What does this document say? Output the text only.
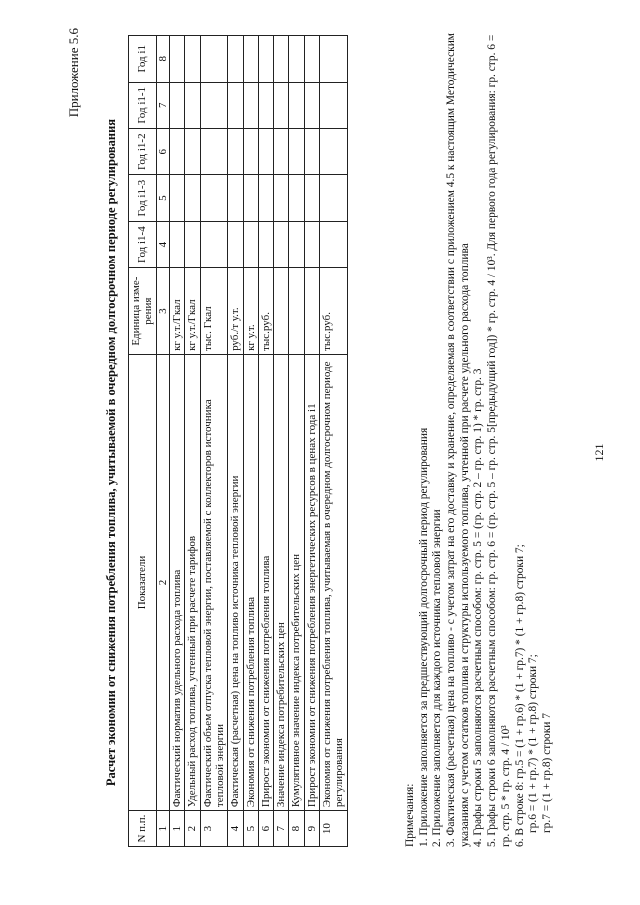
Приложение 5.6
Расчет экономии от снижения потребления топлива, учитываемой в очередном долгосрочном периоде регулирования
N п.п.	Показатели	Единица изме-рения	Год i1-4	Год i1-3	Год i1-2	Год i1-1	Год i1
1	2	3	4	5	6	7	8
1	Фактический норматив удельного расхода топлива	кг у.т./Гкал					
2	Удельный расход топлива, учтенный при расчете тарифов	кг у.т./Гкал					
3	Фактический объем отпуска тепловой энергии, поставляемой с коллекторов источника тепловой энергии	тыс. Гкал					
4	Фактическая (расчетная) цена на топливо источника тепловой энергии	руб./т у.т.					
5	Экономия от снижения потребления топлива	кг у.т.					
6	Прирост экономии от снижения потребления топлива	тыс.руб.					
7	Значение индекса потребительских цен						
8	Кумулятивное значение индекса потребительских цен						
9	Прирост экономии от снижения потребления энергетических ресурсов в ценах года i1						
10	Экономия от снижения потребления топлива, учитываемая в очередном долгосрочном периоде регулирования	тыс.руб.					

Примечания: 1. Приложение заполняется за предшествующий долгосрочный период регулирования 2. Приложение заполняется для каждого источника тепловой энергии 3. Фактическая (расчетная) цена на топливо - с учетом затрат на его доставку и хранение, определяемая в соответствии с приложением 4.5 к настоящим Методическим указаниям с учетом остатков топлива и структуры используемого топлива, учтенной при расчете удельного расхода топлива 4. Графы строки 5 заполняются расчетным способом: гр. стр. 5 = (гр. стр. 2 – гр. стр. 1) * гр. стр. 3 5. Графы строки 6 заполняются расчетным способом: гр. стр. 6 = (гр. стр. 5 – гр. стр. 5[предыдущий год]) * гр. стр. 4 / 10³. Для первого года регулирования: гр. стр. 6 = гр. стр. 5 * гр. стр. 4 / 10³ 6. В строке 8: гр.5 = (1 + гр.6) * (1 + гр.7) * (1 + гр.8) строки 7; гр.6 = (1 + гр.7) * (1 + гр.8) строки 7; гр.7 = (1 + гр.8) строки 7

121
